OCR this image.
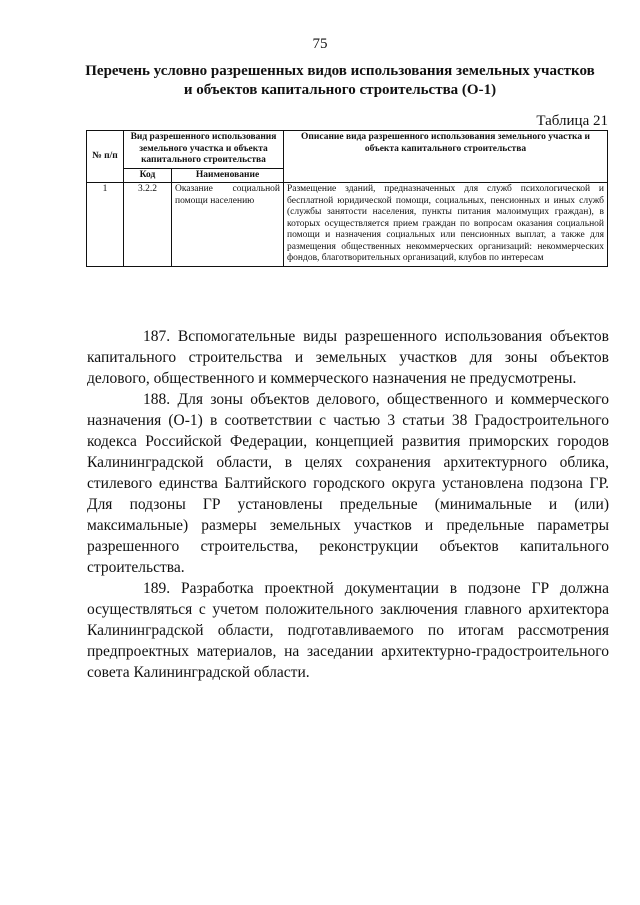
75
Перечень условно разрешенных видов использования земельных участков
и объектов капитального строительства (О-1)
Таблица 21
№ п/п	Вид разрешенного использования земельного участка и объекта капитального строительства		Описание вида разрешенного использования земельного участка и объекта капитального строительства
	Код	Наименование	
1	3.2.2	Оказание социальной помощи населению	Размещение зданий, предназначенных для служб психологической и бесплатной юридической помощи, социальных, пенсионных и иных служб (службы занятости населения, пункты питания малоимущих граждан), в которых осуществляется прием граждан по вопросам оказания социальной помощи и назначения социальных или пенсионных выплат, а также для размещения общественных некоммерческих организаций: некоммерческих фондов, благотворительных организаций, клубов по интересам

187. Вспомогательные виды разрешенного использования объектов капитального строительства и земельных участков для зоны объектов делового, общественного и коммерческого назначения не предусмотрены.

188. Для зоны объектов делового, общественного и коммерческого назначения (О-1) в соответствии с частью 3 статьи 38 Градостроительного кодекса Российской Федерации, концепцией развития приморских городов Калининградской области, в целях сохранения архитектурного облика, стилевого единства Балтийского городского округа установлена подзона ГР. Для подзоны ГР установлены предельные (минимальные и (или) максимальные) размеры земельных участков и предельные параметры разрешенного строительства, реконструкции объектов капитального строительства.

189. Разработка проектной документации в подзоне ГР должна осуществляться с учетом положительного заключения главного архитектора Калининградской области, подготавливаемого по итогам рассмотрения предпроектных материалов, на заседании архитектурно-градостроительного совета Калининградской области.
